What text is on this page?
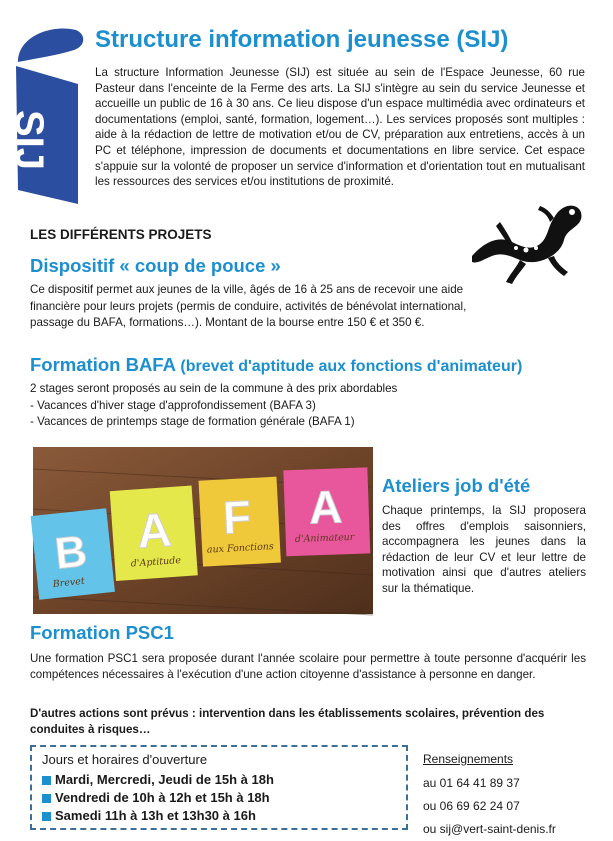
SIJ
Structure information jeunesse (SIJ)
La structure Information Jeunesse (SIJ) est située au sein de l'Espace Jeunesse, 60 rue Pasteur dans l'enceinte de la Ferme des arts. La SIJ s'intègre au sein du service Jeunesse et accueille un public de 16 à 30 ans. Ce lieu dispose d'un espace multimédia avec ordinateurs et documentations (emploi, santé, formation, logement…). Les services proposés sont multiples : aide à la rédaction de lettre de motivation et/ou de CV, préparation aux entretiens, accès à un PC et téléphone, impression de documents et documentations en libre service. Cet espace s'appuie sur la volonté de proposer un service d'information et d'orientation tout en mutualisant les ressources des services et/ou institutions de proximité.
LES DIFFÉRENTS PROJETS
Dispositif « coup de pouce »

Ce dispositif permet aux jeunes de la ville, âgés de 16 à 25 ans de recevoir une aide

financière pour leurs projets (permis de conduire, activités de bénévolat international,

passage du BAFA, formations…). Montant de la bourse entre 150 € et 350 €.

Formation BAFA (brevet d'aptitude aux fonctions d'animateur)

2 stages seront proposés au sein de la commune à des prix abordables

- Vacances d'hiver stage d'approfondissement (BAFA 3)

- Vacances de printemps stage de formation générale (BAFA 1)

B A F A
Brevet
d'Aptitude
aux Fonctions
d'Animateur
Ateliers job d'été
Chaque printemps, la SIJ proposera des offres d'emplois saisonniers, accompagnera les jeunes dans la rédaction de leur CV et leur lettre de motivation ainsi que d'autres ateliers sur la thématique.
Formation PSC1
Une formation PSC1 sera proposée durant l'année scolaire pour permettre à toute personne d'acquérir les compétences nécessaires à l'exécution d'une action citoyenne d'assistance à personne en danger.
D'autres actions sont prévus : intervention dans les établissements scolaires, prévention des conduites à risques…
Jours et horaires d'ouverture
Mardi, Mercredi, Jeudi de 15h à 18h
Vendredi de 10h à 12h et 15h à 18h
Samedi 11h à 13h et 13h30 à 16h
Renseignements
au 01 64 41 89 37
ou 06 69 62 24 07
ou sij@vert-saint-denis.fr
